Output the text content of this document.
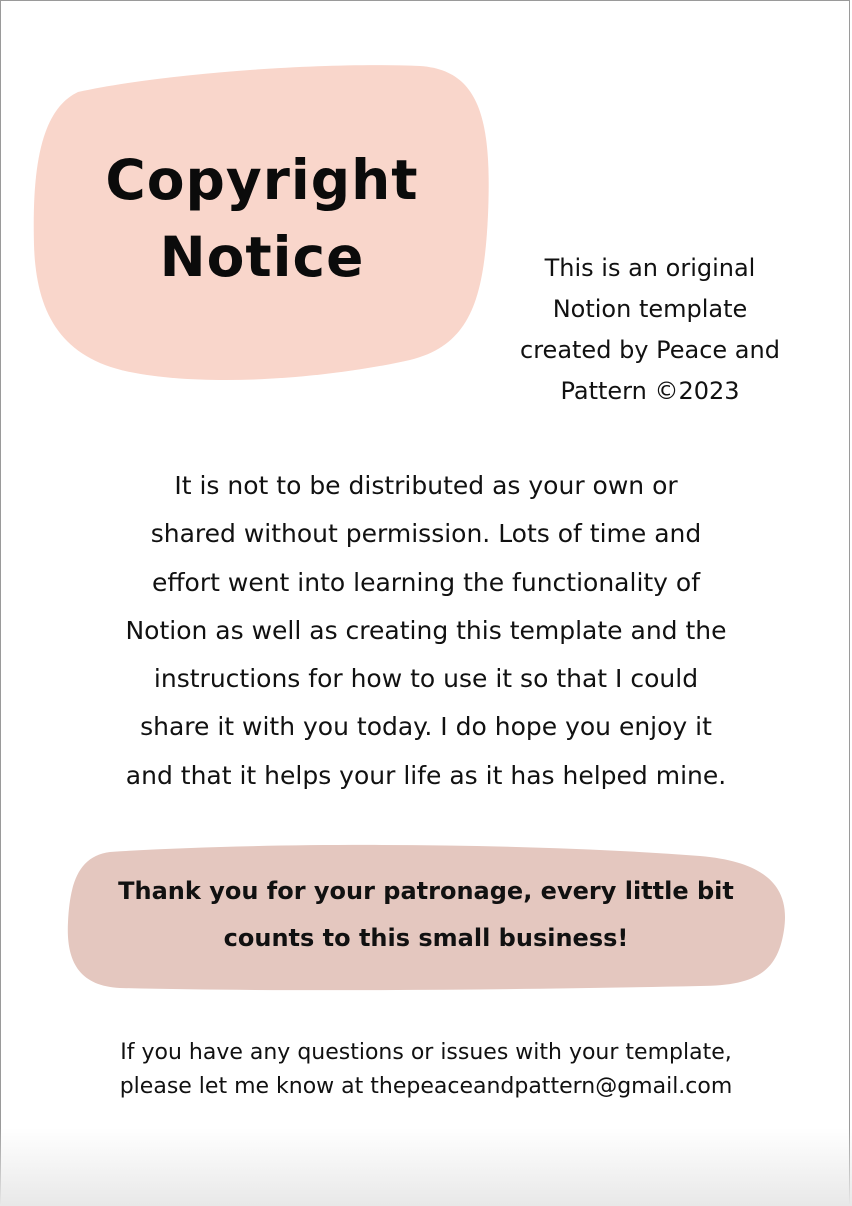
Copyright
Notice	This is an original
Notion template
created by Peace and
Pattern ©2023

It is not to be distributed as your own or
shared without permission. Lots of time and
effort went into learning the functionality of
Notion as well as creating this template and the
instructions for how to use it so that I could
share it with you today. I do hope you enjoy it
and that it helps your life as it has helped mine.

Thank you for your patronage, every little bit
counts to this small business!

If you have any questions or issues with your template,
please let me know at thepeaceandpattern@gmail.com
